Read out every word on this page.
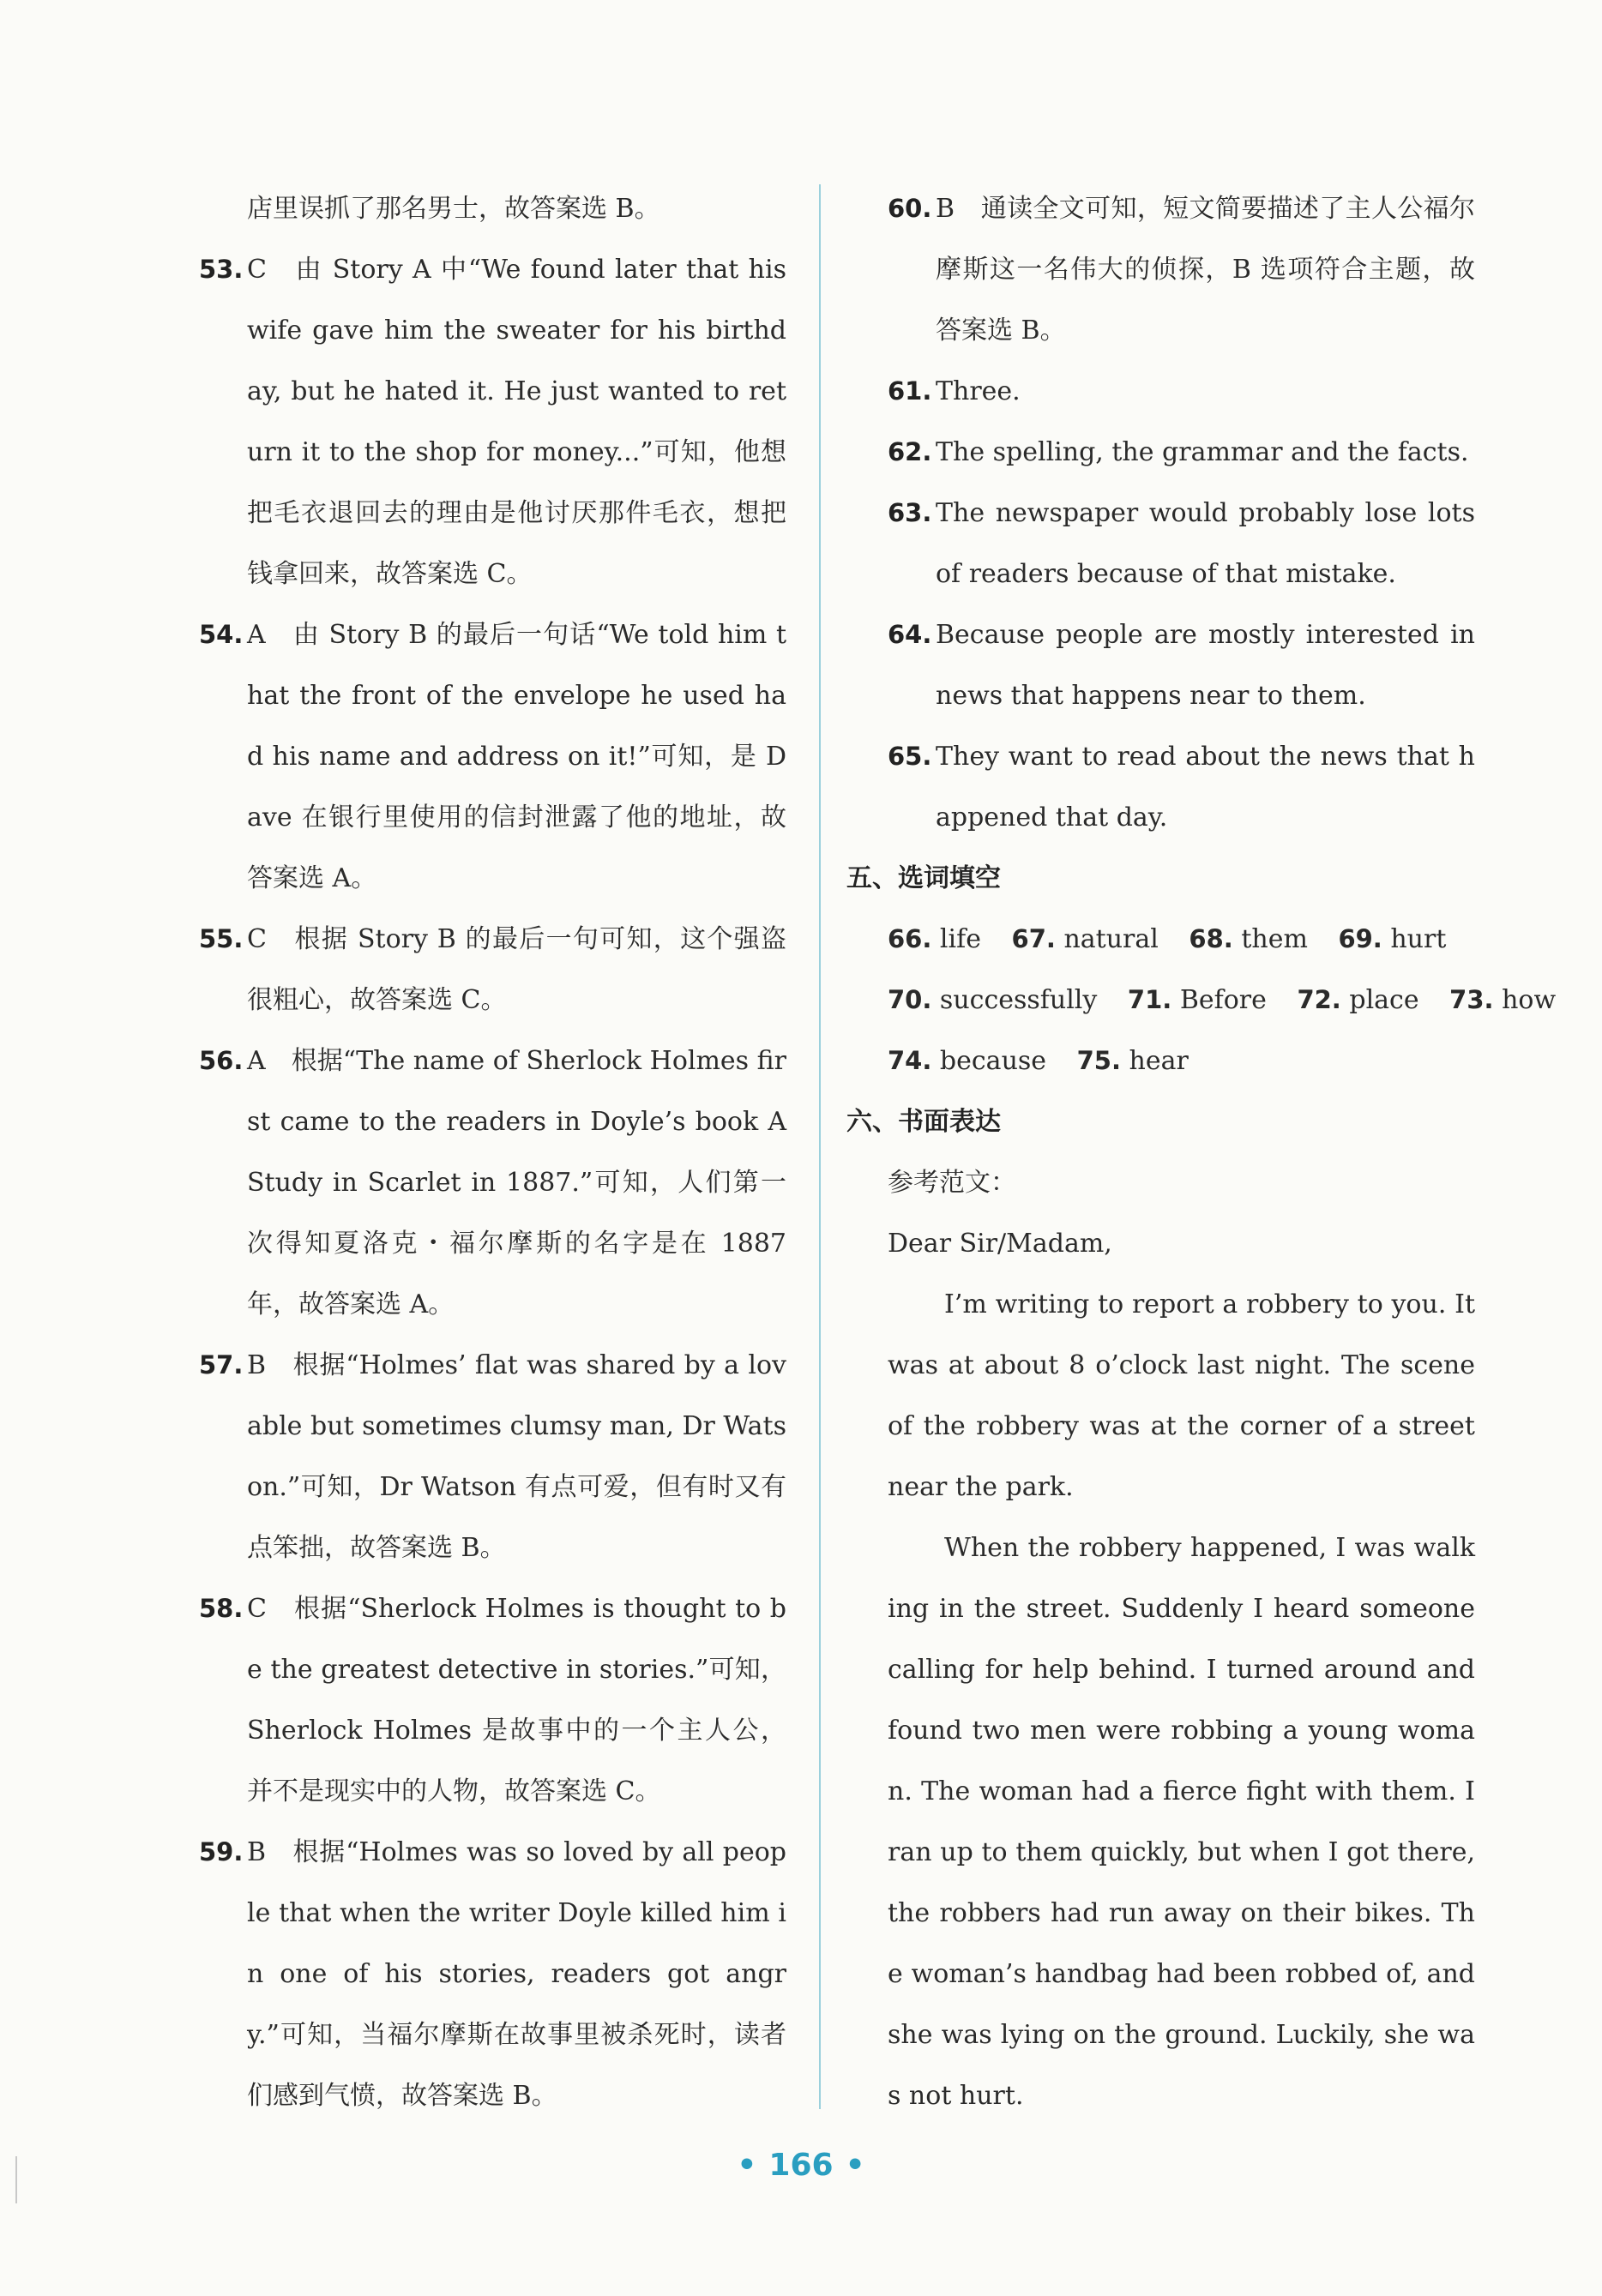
店里误抓了那名男士，故答案选 B。
53. C　由 Story A 中“We found later that his wife gave him the sweater for his birthday, but he hated it. He just wanted to return it to the shop for money...”可知，他想把毛衣退回去的理由是他讨厌那件毛衣，想把钱拿回来，故答案选 C。
54. A　由 Story B 的最后一句话“We told him that the front of the envelope he used had his name and address on it!”可知，是 Dave 在银行里使用的信封泄露了他的地址，故答案选 A。
55. C　根据 Story B 的最后一句可知，这个强盗很粗心，故答案选 C。
56. A　根据“The name of Sherlock Holmes first came to the readers in Doyle’s book A Study in Scarlet in 1887.”可知，人们第一次得知夏洛克・福尔摩斯的名字是在 1887 年，故答案选 A。
57. B　根据“Holmes’ flat was shared by a lovable but sometimes clumsy man, Dr Watson.”可知，Dr Watson 有点可爱，但有时又有点笨拙，故答案选 B。
58. C　根据“Sherlock Holmes is thought to be the greatest detective in stories.”可知，Sherlock Holmes 是故事中的一个主人公，并不是现实中的人物，故答案选 C。
59. B　根据“Holmes was so loved by all people that when the writer Doyle killed him in one of his stories, readers got angry.”可知，当福尔摩斯在故事里被杀死时，读者们感到气愤，故答案选 B。
60. B　通读全文可知，短文简要描述了主人公福尔摩斯这一名伟大的侦探，B 选项符合主题，故答案选 B。
61. Three.
62. The spelling, the grammar and the facts.
63. The newspaper would probably lose lots of readers because of that mistake.
64. Because people are mostly interested in news that happens near to them.
65. They want to read about the news that happened that day.
五、选词填空
66. life 67. natural 68. them 69. hurt
70. successfully 71. Before 72. place 73. how
74. because 75. hear
六、书面表达
参考范文：
Dear Sir/Madam,
I’m writing to report a robbery to you. It was at about 8 o’clock last night. The scene of the robbery was at the corner of a street near the park.
When the robbery happened, I was walking in the street. Suddenly I heard someone calling for help behind. I turned around and found two men were robbing a young woman. The woman had a fierce fight with them. I ran up to them quickly, but when I got there, the robbers had run away on their bikes. The woman’s handbag had been robbed of, and she was lying on the ground. Luckily, she was not hurt.
• 166 •
